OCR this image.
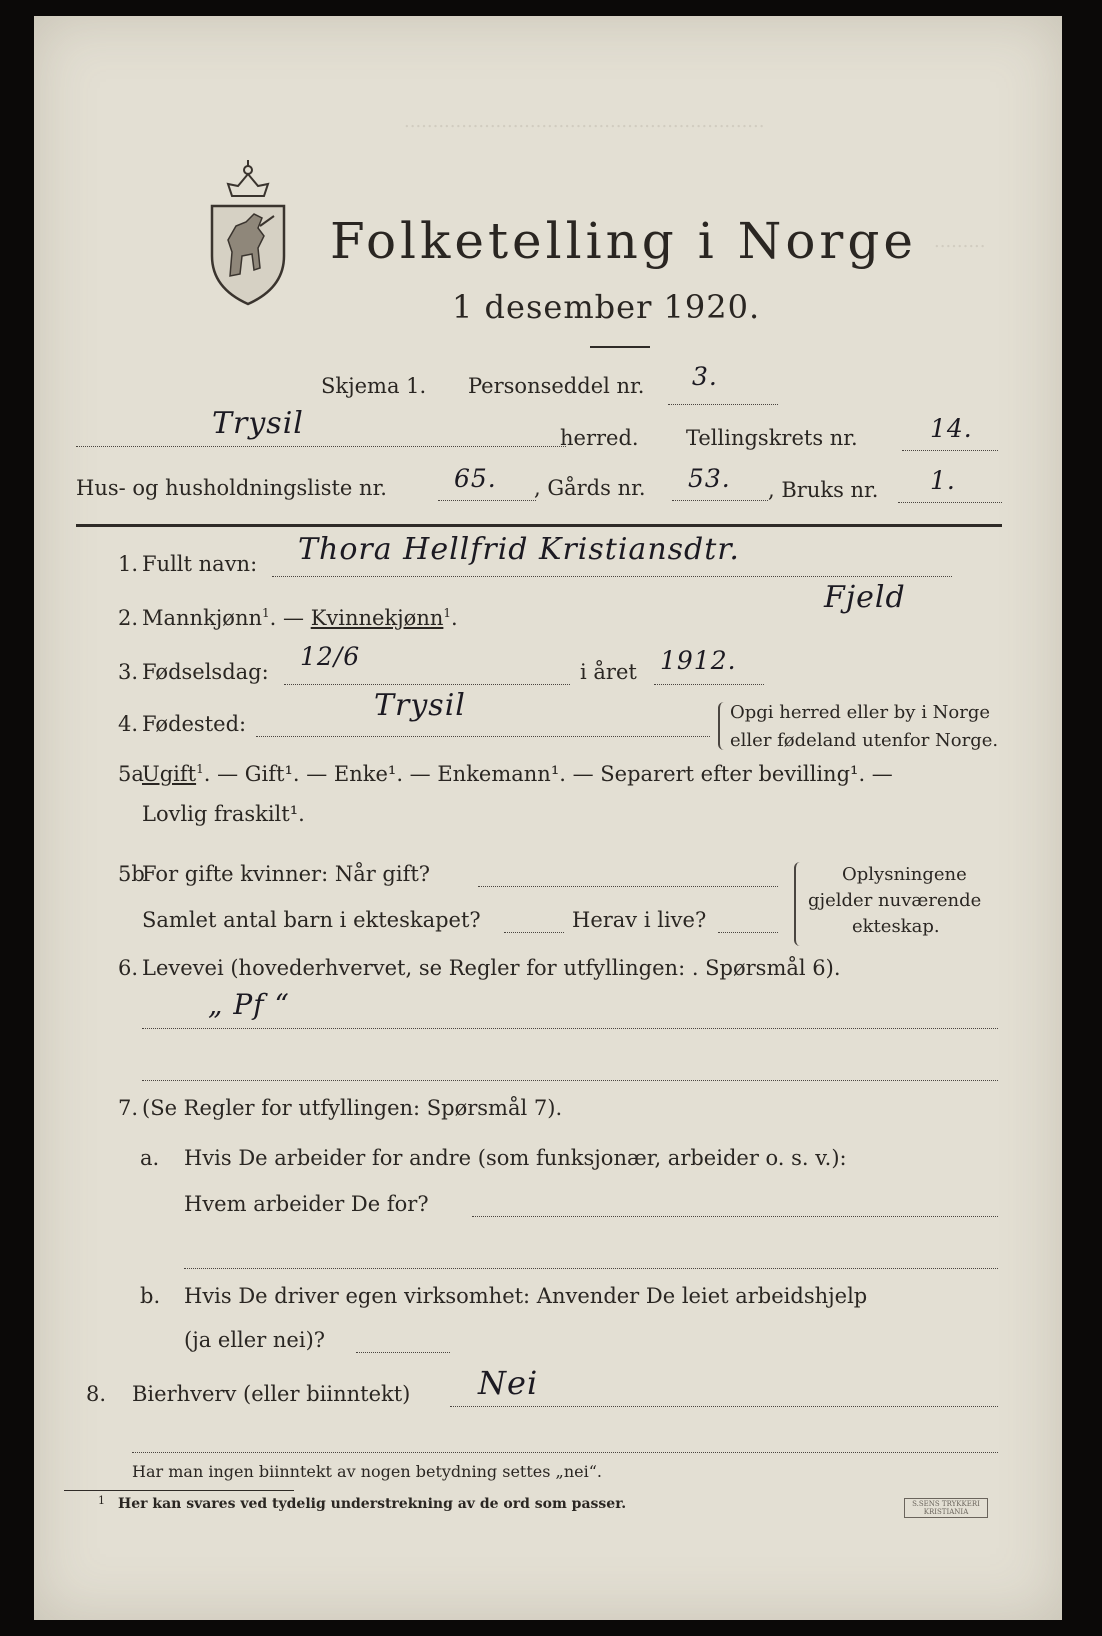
...............................................................
.........
Folketelling i Norge
1 desember 1920.
Skjema 1. Personseddel nr. 3.
Trysil	herred. Tellingskrets nr.	14.
Hus- og husholdningsliste nr.	65. , Gårds nr. 53. , Bruks nr. 1.
1. Fullt navn: Thora Hellfrid Kristiansdtr.
Fjeld
2. Mannkjønn$^1$. — Kvinnekjønn$^1$.
3. Fødselsdag:
12/6
i året 1912.
4. Fødested:
Trysil	Opgi herred eller by i Norge
eller fødeland utenfor Norge.
5a
Ugift$^1$. — Gift¹. — Enke¹. — Enkemann¹. — Separert efter bevilling¹. —
Lovlig fraskilt¹.
5b
For gifte kvinner: Når gift?
Samlet antal barn i ekteskapet?	Herav i live?
Oplysningene
gjelder nuværende
ekteskap.
6. Levevei (hovederhvervet, se Regler for utfyllingen: . Spørsmål 6).
„ Pf “
7. (Se Regler for utfyllingen: Spørsmål 7).
a. Hvis De arbeider for andre (som funksjonær, arbeider o. s. v.):
Hvem arbeider De for?
b. Hvis De driver egen virksomhet: Anvender De leiet arbeidshjelp
(ja eller nei)?
8. Bierhverv (eller biinntekt) Nei
Har man ingen biinntekt av nogen betydning settes „nei“.
1 Her kan svares ved tydelig understrekning av de ord som passer.	S.SENS TRYKKERI KRISTIANIA
